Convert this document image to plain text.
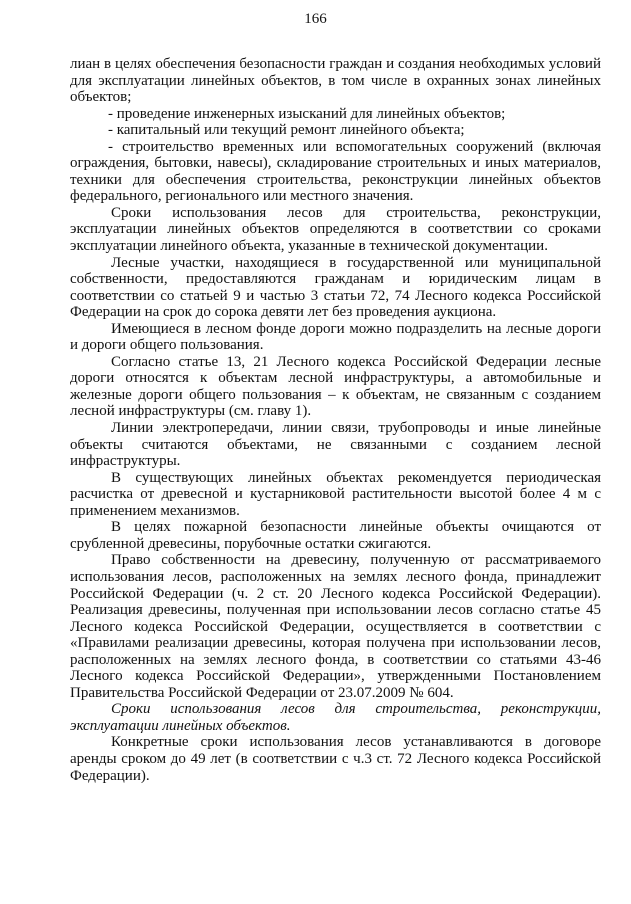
166

лиан в целях обеспечения безопасности граждан и создания необходимых условий для эксплуатации линейных объектов, в том числе в охранных зонах линейных объектов;

- проведение инженерных изысканий для линейных объектов;

- капитальный или текущий ремонт линейного объекта;

- строительство временных или вспомогательных сооружений (включая ограждения, бытовки, навесы), складирование строительных и иных материалов, техники для обеспечения строительства, реконструкции линейных объектов федерального, регионального или местного значения.

Сроки использования лесов для строительства, реконструкции, эксплуатации линейных объектов определяются в соответствии со сроками эксплуатации линейного объекта, указанные в технической документации.

Лесные участки, находящиеся в государственной или муниципальной собственности, предоставляются гражданам и юридическим лицам в соответствии со статьей 9 и частью 3 статьи 72, 74 Лесного кодекса Российской Федерации на срок до сорока девяти лет без проведения аукциона.

Имеющиеся в лесном фонде дороги можно подразделить на лесные дороги и дороги общего пользования.

Согласно статье 13, 21 Лесного кодекса Российской Федерации лесные дороги относятся к объектам лесной инфраструктуры, а автомобильные и железные дороги общего пользования – к объектам, не связанным с созданием лесной инфраструктуры (см. главу 1).

Линии электропередачи, линии связи, трубопроводы и иные линейные объекты считаются объектами, не связанными с созданием лесной инфраструктуры.

В существующих линейных объектах рекомендуется периодическая расчистка от древесной и кустарниковой растительности высотой более 4 м с применением механизмов.

В целях пожарной безопасности линейные объекты очищаются от срубленной древесины, порубочные остатки сжигаются.

Право собственности на древесину, полученную от рассматриваемого использования лесов, расположенных на землях лесного фонда, принадлежит Российской Федерации (ч. 2 ст. 20 Лесного кодекса Российской Федерации). Реализация древесины, полученная при использовании лесов согласно статье 45 Лесного кодекса Российской Федерации, осуществляется в соответствии с «Правилами реализации древесины, которая получена при использовании лесов, расположенных на землях лесного фонда, в соответствии со статьями 43-46 Лесного кодекса Российской Федерации», утвержденными Постановлением Правительства Российской Федерации от 23.07.2009 № 604.

Сроки использования лесов для строительства, реконструкции, эксплуатации линейных объектов.

Конкретные сроки использования лесов устанавливаются в договоре аренды сроком до 49 лет (в соответствии с ч.3 ст. 72 Лесного кодекса Российской Федерации).
